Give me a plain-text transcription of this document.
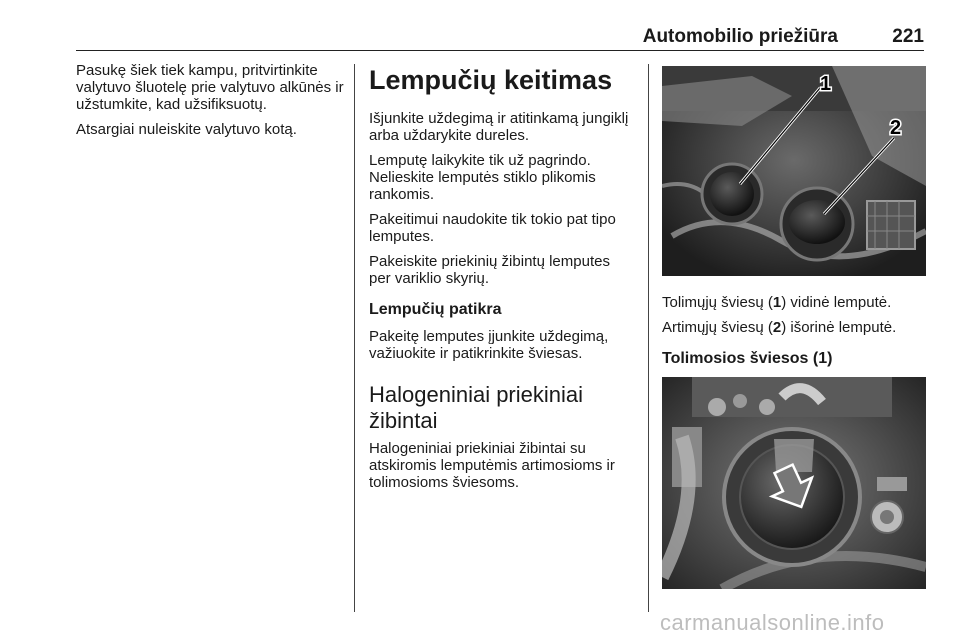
Automobilio priežiūra	221

Pasukę šiek tiek kampu, pritvirtinkite valytuvo šluotelę prie valytuvo alkūnės ir užstumkite, kad užsifiksuotų.

Atsargiai nuleiskite valytuvo kotą.

Lempučių keitimas

Išjunkite uždegimą ir atitinkamą jungiklį arba uždarykite dureles.

Lemputę laikykite tik už pagrindo. Nelieskite lemputės stiklo plikomis rankomis.

Pakeitimui naudokite tik tokio pat tipo lemputes.

Pakeiskite priekinių žibintų lemputes per variklio skyrių.

Lempučių patikra

Pakeitę lemputes įjunkite uždegimą, važiuokite ir patikrinkite šviesas.

Halogeniniai priekiniai žibintai

Halogeniniai priekiniai žibintai su atskiromis lemputėmis artimosioms ir tolimosioms šviesoms.

1
2

Tolimųjų šviesų (1) vidinė lemputė.

Artimųjų šviesų (2) išorinė lemputė.

Tolimosios šviesos (1)
carmanualsonline.info
